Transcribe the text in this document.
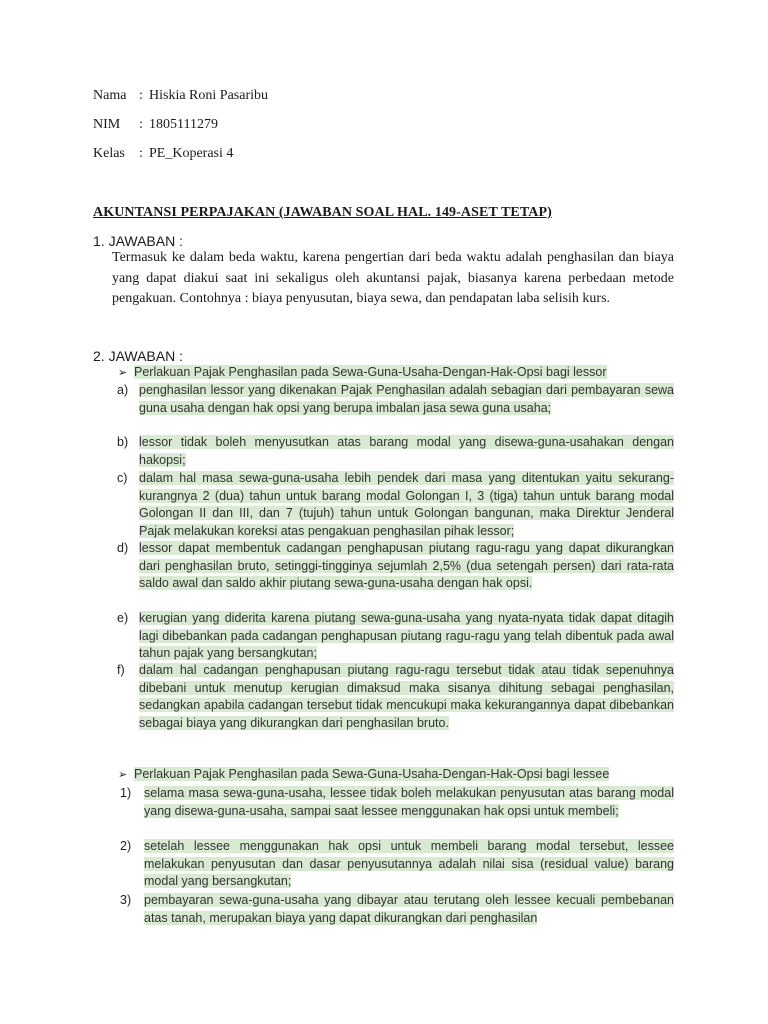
Nama : Hiskia Roni Pasaribu
NIM	: 1805111279
Kelas	: PE_Koperasi 4
AKUNTANSI PERPAJAKAN (JAWABAN SOAL HAL. 149-ASET TETAP)
1. JAWABAN :
Termasuk ke dalam beda waktu, karena pengertian dari beda waktu adalah penghasilan dan biaya yang dapat diakui saat ini sekaligus oleh akuntansi pajak, biasanya karena perbedaan metode pengakuan. Contohnya : biaya penyusutan, biaya sewa, dan pendapatan laba selisih kurs.
2. JAWABAN :
➢ Perlakuan Pajak Penghasilan pada Sewa-Guna-Usaha-Dengan-Hak-Opsi bagi lessor
a) penghasilan lessor yang dikenakan Pajak Penghasilan adalah sebagian dari pembayaran sewa guna usaha dengan hak opsi yang berupa imbalan jasa sewa guna usaha;
b) lessor tidak boleh menyusutkan atas barang modal yang disewa-guna-usahakan dengan hakopsi;
c) dalam hal masa sewa-guna-usaha lebih pendek dari masa yang ditentukan yaitu sekurang-kurangnya 2 (dua) tahun untuk barang modal Golongan I, 3 (tiga) tahun untuk barang modal Golongan II dan III, dan 7 (tujuh) tahun untuk Golongan bangunan, maka Direktur Jenderal Pajak melakukan koreksi atas pengakuan penghasilan pihak lessor;
d) lessor dapat membentuk cadangan penghapusan piutang ragu-ragu yang dapat dikurangkan dari penghasilan bruto, setinggi-tingginya sejumlah 2,5% (dua setengah persen) dari rata-rata saldo awal dan saldo akhir piutang sewa-guna-usaha dengan hak opsi.
e) kerugian yang diderita karena piutang sewa-guna-usaha yang nyata-nyata tidak dapat ditagih lagi dibebankan pada cadangan penghapusan piutang ragu-ragu yang telah dibentuk pada awal tahun pajak yang bersangkutan;
f)	dalam hal cadangan penghapusan piutang ragu-ragu tersebut tidak atau tidak sepenuhnya dibebani untuk menutup kerugian dimaksud maka sisanya dihitung sebagai penghasilan, sedangkan apabila cadangan tersebut tidak mencukupi maka kekurangannya dapat dibebankan sebagai biaya yang dikurangkan dari penghasilan bruto.
➢ Perlakuan Pajak Penghasilan pada Sewa-Guna-Usaha-Dengan-Hak-Opsi bagi lessee
1)	selama masa sewa-guna-usaha, lessee tidak boleh melakukan penyusutan atas barang modal yang disewa-guna-usaha, sampai saat lessee menggunakan hak opsi untuk membeli;
2)	setelah lessee menggunakan hak opsi untuk membeli barang modal tersebut, lessee melakukan penyusutan dan dasar penyusutannya adalah nilai sisa (residual value) barang modal yang bersangkutan;
3)	pembayaran sewa-guna-usaha yang dibayar atau terutang oleh lessee kecuali pembebanan atas tanah, merupakan biaya yang dapat dikurangkan dari penghasilan
